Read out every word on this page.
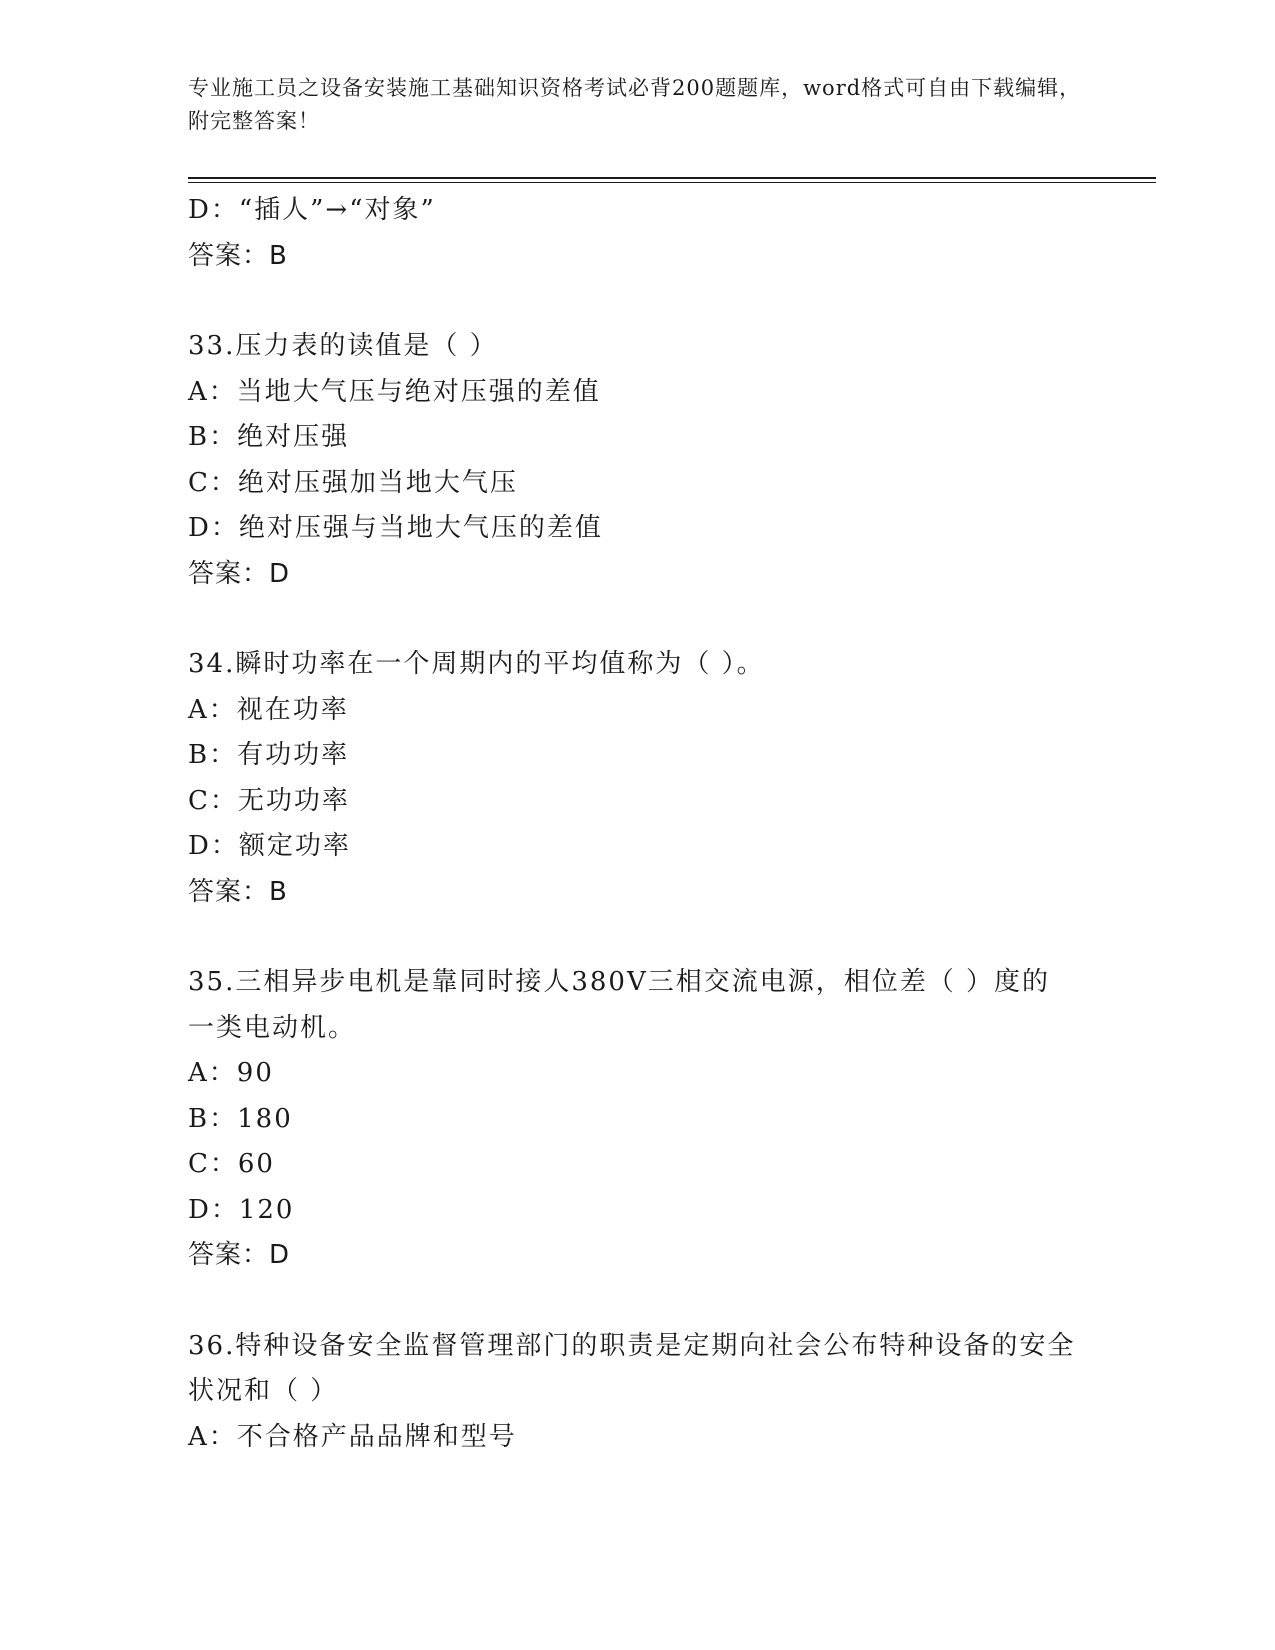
专业施工员之设备安装施工基础知识资格考试必背200题题库，word格式可自由下载编辑，附完整答案！
D：“插人”→“对象”
答案：B
33.压力表的读值是（ ）
A：当地大气压与绝对压强的差值
B：绝对压强
C：绝对压强加当地大气压
D：绝对压强与当地大气压的差值
答案：D
34.瞬时功率在一个周期内的平均值称为（ ）。
A：视在功率
B：有功功率
C：无功功率
D：额定功率
答案：B
35.三相异步电机是靠同时接人380V三相交流电源，相位差（ ）度的一类电动机。
A：90
B：180
C：60
D：120
答案：D
36.特种设备安全监督管理部门的职责是定期向社会公布特种设备的安全状况和（ ）
A：不合格产品品牌和型号
